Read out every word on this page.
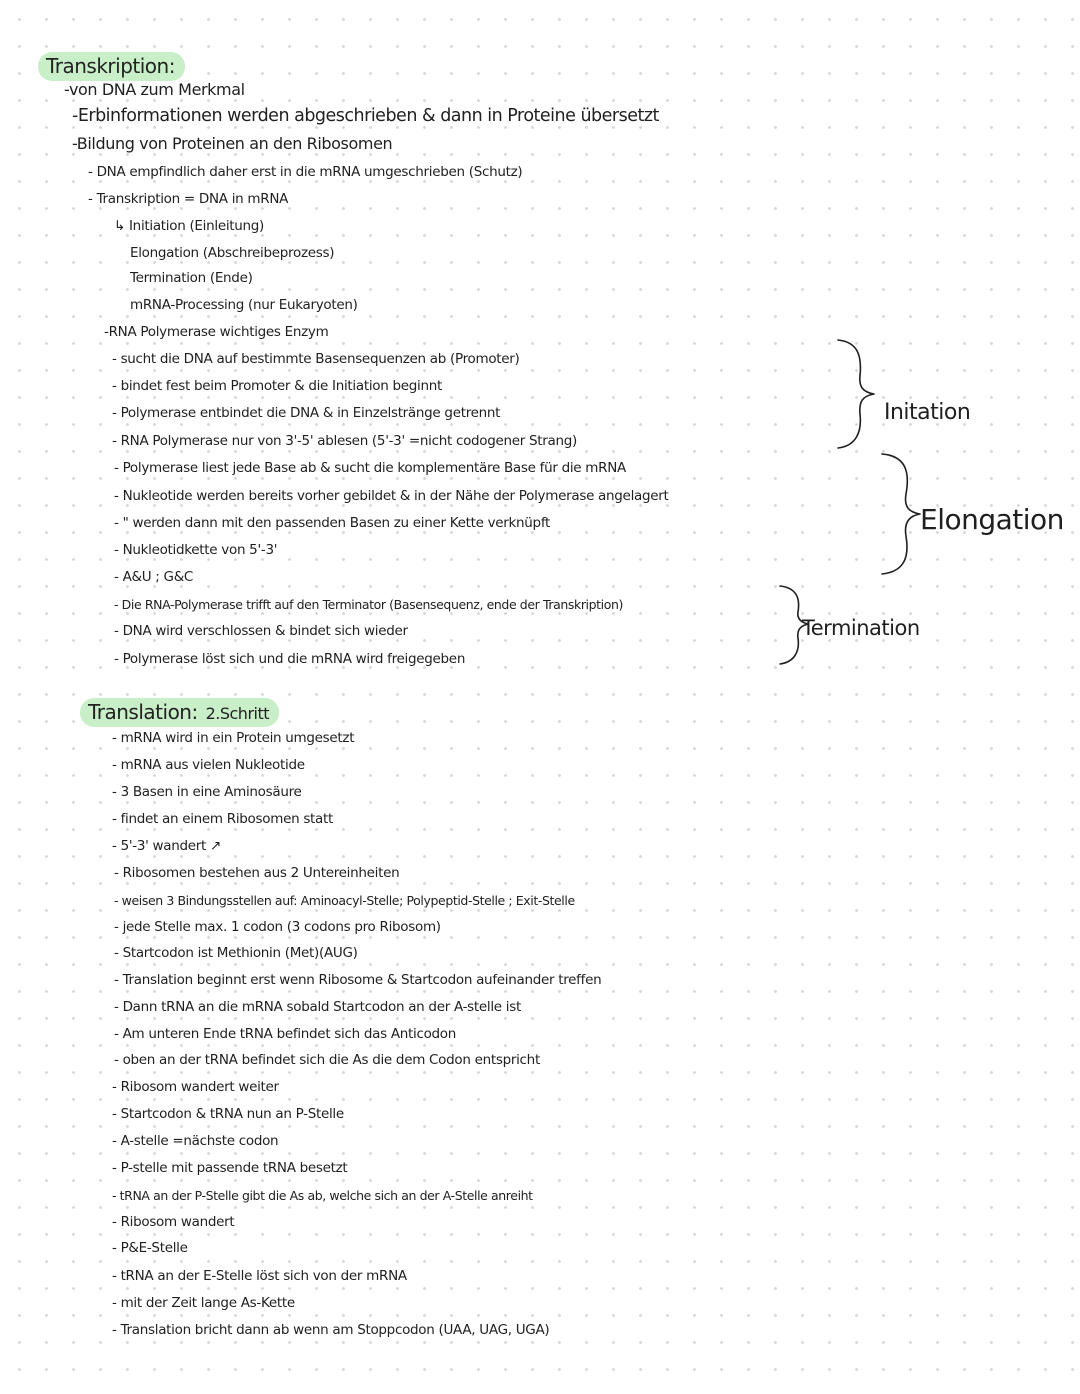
Transkription:
-von DNA zum Merkmal
-Erbinformationen werden abgeschrieben & dann in Proteine übersetzt
-Bildung von Proteinen an den Ribosomen
- DNA empfindlich daher erst in die mRNA umgeschrieben (Schutz)
- Transkription = DNA in mRNA
↳ Initiation (Einleitung)
Elongation (Abschreibeprozess)
Termination (Ende)
mRNA-Processing (nur Eukaryoten)
-RNA Polymerase wichtiges Enzym
- sucht die DNA auf bestimmte Basensequenzen ab (Promoter)
- bindet fest beim Promoter & die Initiation beginnt
- Polymerase entbindet die DNA & in Einzelstränge getrennt
- RNA Polymerase nur von 3'-5' ablesen (5'-3' =nicht codogener Strang)
- Polymerase liest jede Base ab & sucht die komplementäre Base für die mRNA
- Nukleotide werden bereits vorher gebildet & in der Nähe der Polymerase angelagert
- " werden dann mit den passenden Basen zu einer Kette verknüpft
- Nukleotidkette von 5'-3'
- A&U ; G&C
- Die RNA-Polymerase trifft auf den Terminator (Basensequenz, ende der Transkription)
- DNA wird verschlossen & bindet sich wieder
- Polymerase löst sich und die mRNA wird freigegeben
Initation
Elongation
Termination
Translation: 2.Schritt
- mRNA wird in ein Protein umgesetzt
- mRNA aus vielen Nukleotide
- 3 Basen in eine Aminosäure
- findet an einem Ribosomen statt
- 5'-3' wandert ↗
- Ribosomen bestehen aus 2 Untereinheiten
- weisen 3 Bindungsstellen auf: Aminoacyl-Stelle; Polypeptid-Stelle ; Exit-Stelle
- jede Stelle max. 1 codon (3 codons pro Ribosom)
- Startcodon ist Methionin (Met)(AUG)
- Translation beginnt erst wenn Ribosome & Startcodon aufeinander treffen
- Dann tRNA an die mRNA sobald Startcodon an der A-stelle ist
- Am unteren Ende tRNA befindet sich das Anticodon
- oben an der tRNA befindet sich die As die dem Codon entspricht
- Ribosom wandert weiter
- Startcodon & tRNA nun an P-Stelle
- A-stelle =nächste codon
- P-stelle mit passende tRNA besetzt
- tRNA an der P-Stelle gibt die As ab, welche sich an der A-Stelle anreiht
- Ribosom wandert
- P&E-Stelle
- tRNA an der E-Stelle löst sich von der mRNA
- mit der Zeit lange As-Kette
- Translation bricht dann ab wenn am Stoppcodon (UAA, UAG, UGA)
